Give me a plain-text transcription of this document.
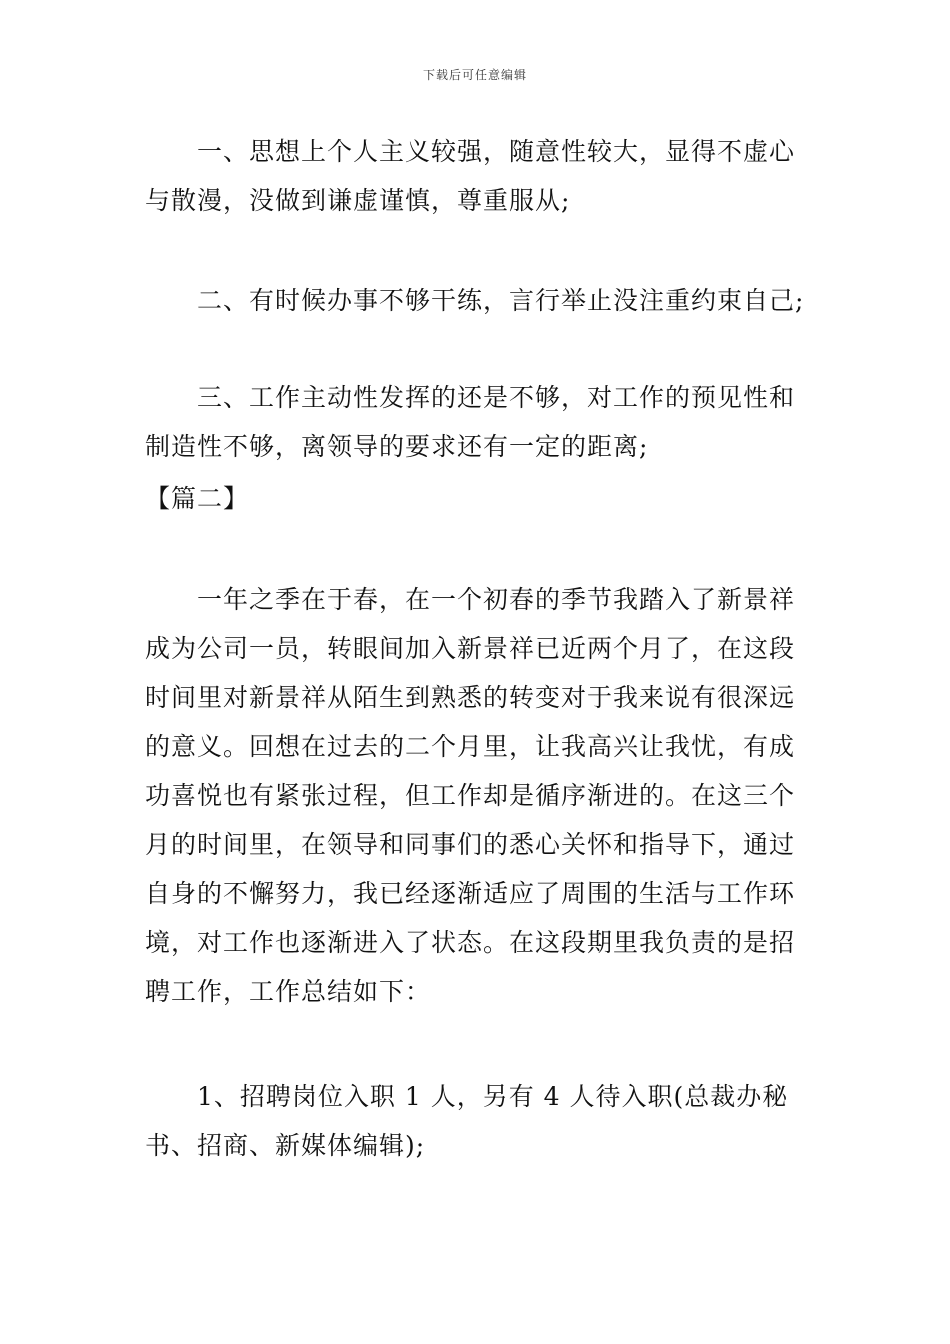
下载后可任意编辑

一、思想上个人主义较强，随意性较大，显得不虚心与散漫，没做到谦虚谨慎，尊重服从;

二、有时候办事不够干练，言行举止没注重约束自己;

三、工作主动性发挥的还是不够，对工作的预见性和制造性不够，离领导的要求还有一定的距离;

【篇二】

一年之季在于春，在一个初春的季节我踏入了新景祥成为公司一员，转眼间加入新景祥已近两个月了，在这段时间里对新景祥从陌生到熟悉的转变对于我来说有很深远的意义。回想在过去的二个月里，让我高兴让我忧，有成功喜悦也有紧张过程，但工作却是循序渐进的。在这三个月的时间里，在领导和同事们的悉心关怀和指导下，通过自身的不懈努力，我已经逐渐适应了周围的生活与工作环境，对工作也逐渐进入了状态。在这段期里我负责的是招聘工作，工作总结如下：

1、招聘岗位入职 1 人，另有 4 人待入职(总裁办秘书、招商、新媒体编辑);
